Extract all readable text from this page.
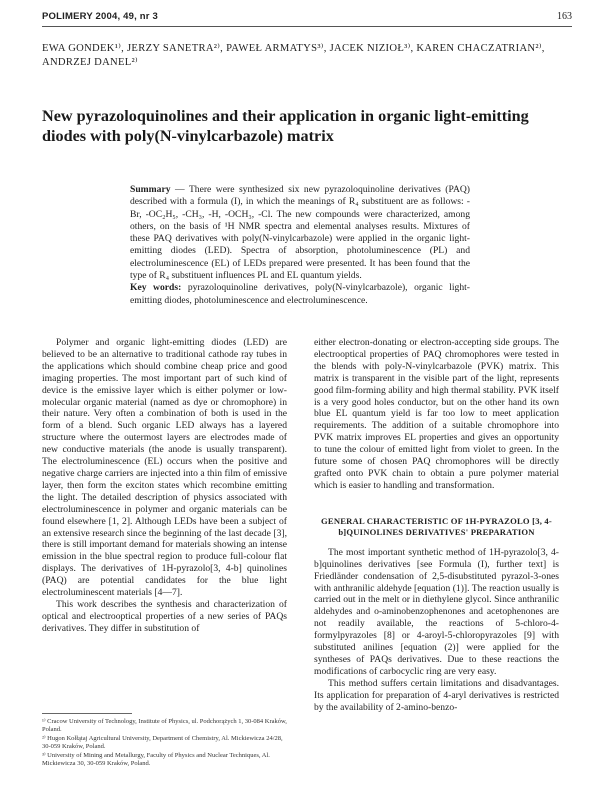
POLIMERY 2004, 49, nr 3	163
EWA GONDEK¹⁾, JERZY SANETRA²⁾, PAWEŁ ARMATYS³⁾, JACEK NIZIOŁ³⁾, KAREN CHACZATRIAN²⁾, ANDRZEJ DANEL²⁾
New pyrazoloquinolines and their application in organic light-emitting diodes with poly(N-vinylcarbazole) matrix

Summary — There were synthesized six new pyrazoloquinoline derivatives (PAQ) described with a formula (I), in which the meanings of R₄ substituent are as follows: -Br, -OC₂H₅, -CH₃, -H, -OCH₃, -Cl. The new compounds were characterized, among others, on the basis of ¹H NMR spectra and elemental analyses results. Mixtures of these PAQ derivatives with poly(N-vinylcarbazole) were applied in the organic light-emitting diodes (LED). Spectra of absorption, photoluminescence (PL) and electroluminescence (EL) of LEDs prepared were presented. It has been found that the type of R₄ substituent influences PL and EL quantum yields.

Key words: pyrazoloquinoline derivatives, poly(N-vinylcarbazole), organic light-emitting diodes, photoluminescence and electroluminescence.

Polymer and organic light-emitting diodes (LED) are believed to be an alternative to traditional cathode ray tubes in the applications which should combine cheap price and good imaging properties. The most important part of such kind of device is the emissive layer which is either polymer or low-molecular organic material (named as dye or chromophore) in their nature. Very often a combination of both is used in the form of a blend. Such organic LED always has a layered structure where the outermost layers are electrodes made of new conductive materials (the anode is usually transparent). The electroluminescence (EL) occurs when the positive and negative charge carriers are injected into a thin film of emissive layer, then form the exciton states which recombine emitting the light. The detailed description of physics associated with electroluminescence in polymer and organic materials can be found elsewhere [1, 2]. Although LEDs have been a subject of an extensive research since the beginning of the last decade [3], there is still important demand for materials showing an intense emission in the blue spectral region to produce full-colour flat displays. The derivatives of 1H-pyrazolo[3, 4-b] quinolines (PAQ) are potential candidates for the blue light electroluminescent materials [4—7].

This work describes the synthesis and characterization of optical and electrooptical properties of a new series of PAQs derivatives. They differ in substitution of

¹⁾ Cracow University of Technology, Institute of Physics, ul. Podchorążych 1, 30-084 Kraków, Poland.

²⁾ Hugon Kołłątaj Agricultural University, Department of Chemistry, Al. Mickiewicza 24/28, 30-059 Kraków, Poland.

³⁾ University of Mining and Metallurgy, Faculty of Physics and Nuclear Techniques, Al. Mickiewicza 30, 30-059 Kraków, Poland.

either electron-donating or electron-accepting side groups. The electrooptical properties of PAQ chromophores were tested in the blends with poly-N-vinylcarbazole (PVK) matrix. This matrix is transparent in the visible part of the light, represents good film-forming ability and high thermal stability. PVK itself is a very good holes conductor, but on the other hand its own blue EL quantum yield is far too low to meet application requirements. The addition of a suitable chromophore into PVK matrix improves EL properties and gives an opportunity to tune the colour of emitted light from violet to green. In the future some of chosen PAQ chromophores will be directly grafted onto PVK chain to obtain a pure polymer material which is easier to handling and transformation.

GENERAL CHARACTERISTIC OF 1H-PYRAZOLO [3, 4-b]QUINOLINES DERIVATIVES' PREPARATION

The most important synthetic method of 1H-pyrazolo[3, 4-b]quinolines derivatives [see Formula (I), further text] is Friedländer condensation of 2,5-disubstituted pyrazol-3-ones with anthranilic aldehyde [equation (1)]. The reaction usually is carried out in the melt or in diethylene glycol. Since anthranilic aldehydes and o-aminobenzophenones and acetophenones are not readily available, the reactions of 5-chloro-4-formylpyrazoles [8] or 4-aroyl-5-chloropyrazoles [9] with substituted anilines [equation (2)] were applied for the syntheses of PAQs derivatives. Due to these reactions the modifications of carbocyclic ring are very easy.

This method suffers certain limitations and disadvantages. Its application for preparation of 4-aryl derivatives is restricted by the availability of 2-amino-benzo-
